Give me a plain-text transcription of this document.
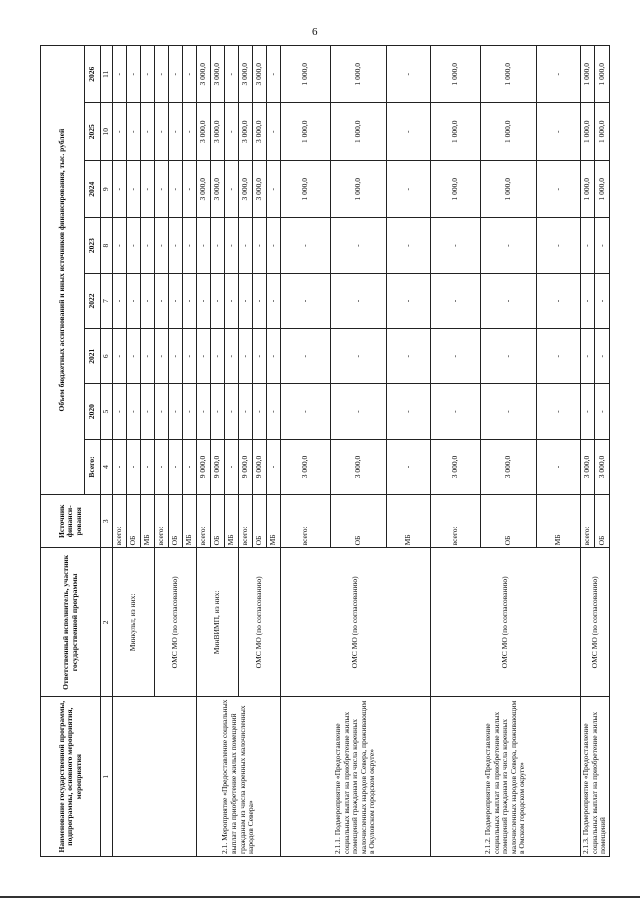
6
Наименование государственной программы, подпрограммы, основного мероприятия, мероприятия	Ответственный исполнитель, участник государственной программы	Источник финанси-рования	Объем бюджетных ассигнований и иных источников финансирования, тыс. рублей							
			Всего:	2020	2021	2022	2023	2024	2025	2026
1	2	3	4	5	6	7	8	9	10	11
	Минкульт, из них:	всего:	-	-	-	-	-	-	-	-
		ОБ	-	-	-	-	-	-	-	-
		МБ	-	-	-	-	-	-	-	-
	ОМС МО (по согласованию)	всего:	-	-	-	-	-	-	-	-
		ОБ	-	-	-	-	-	-	-	-
		МБ	-	-	-	-	-	-	-	-
2.1. Мероприятие «Предоставление социальных выплат на приобретение жилых помещений гражданам из числа коренных малочисленных народов Севера»	МинВИМП, из них:	всего:	9 000,0	-	-	-	-	3 000,0	3 000,0	3 000,0
		ОБ	9 000,0	-	-	-	-	3 000,0	3 000,0	3 000,0
		МБ	-	-	-	-	-	-	-	-
	ОМС МО (по согласованию)	всего:	9 000,0	-	-	-	-	3 000,0	3 000,0	3 000,0
		ОБ	9 000,0	-	-	-	-	3 000,0	3 000,0	3 000,0
		МБ	-	-	-	-	-	-	-	-
2.1.1. Подмероприятие «Предоставление социальных выплат на приобретение жилых помещений гражданам из числа коренных малочисленных народов Севера, проживающим в Окуловском городском округе»	ОМС МО (по согласованию)	всего:	3 000,0	-	-	-	-	1 000,0	1 000,0	1 000,0
		ОБ	3 000,0	-	-	-	-	1 000,0	1 000,0	1 000,0
		МБ	-	-	-	-	-	-	-	-
2.1.2. Подмероприятие «Предоставление социальных выплат на приобретение жилых помещений гражданам из числа коренных малочисленных народов Севера, проживающим в Омском городском округе»	ОМС МО (по согласованию)	всего:	3 000,0	-	-	-	-	1 000,0	1 000,0	1 000,0
		ОБ	3 000,0	-	-	-	-	1 000,0	1 000,0	1 000,0
		МБ	-	-	-	-	-	-	-	-
2.1.3. Подмероприятие «Предоставление социальных выплат на приобретение жилых помещений	ОМС МО (по согласованию)	всего:	3 000,0	-	-	-	-	1 000,0	1 000,0	1 000,0
		ОБ	3 000,0	-	-	-	-	1 000,0	1 000,0	1 000,0
